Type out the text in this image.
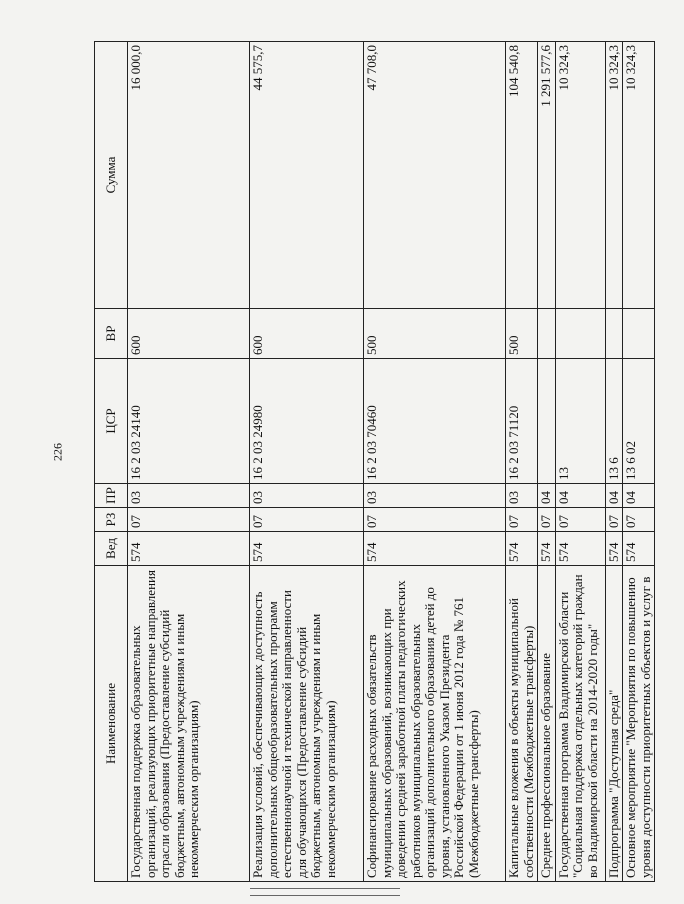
226
Наименование	Вед	РЗ	ПР	ЦСР	ВР	Сумма
Государственная поддержка образовательных организаций, реализующих приоритетные направления отрасли образования (Предоставление субсидий бюджетным, автономным учреждениям и иным некоммерческим организациям)	574	07	03	16 2 03 24140	600	16 000,0
Реализация условий, обеспечивающих доступность дополнительных общеобразовательных программ естественнонаучной и технической направленности для обучающихся (Предоставление субсидий бюджетным, автономным учреждениям и иным некоммерческим организациям)	574	07	03	16 2 03 24980	600	44 575,7
Софинансирование расходных обязательств муниципальных образований, возникающих при доведении средней заработной платы педагогических работников муниципальных образовательных организаций дополнительного образования детей до уровня, установленного Указом Президента Российской Федерации от 1 июня 2012 года № 761 (Межбюджетные трансферты)	574	07	03	16 2 03 70460	500	47 708,0
Капитальные вложения в объекты муниципальной собственности (Межбюджетные трансферты)	574	07	03	16 2 03 71120	500	104 540,8
Среднее профессиональное образование	574	07	04			1 291 577,6
Государственная программа Владимирской области "Социальная поддержка отдельных категорий граждан во Владимирской области на 2014-2020 годы"	574	07	04	13		10 324,3
Подпрограмма "Доступная среда"	574	07	04	13 6		10 324,3
Основное мероприятие "Мероприятия по повышению уровня доступности приоритетных объектов и услуг в	574	07	04	13 6 02		10 324,3
